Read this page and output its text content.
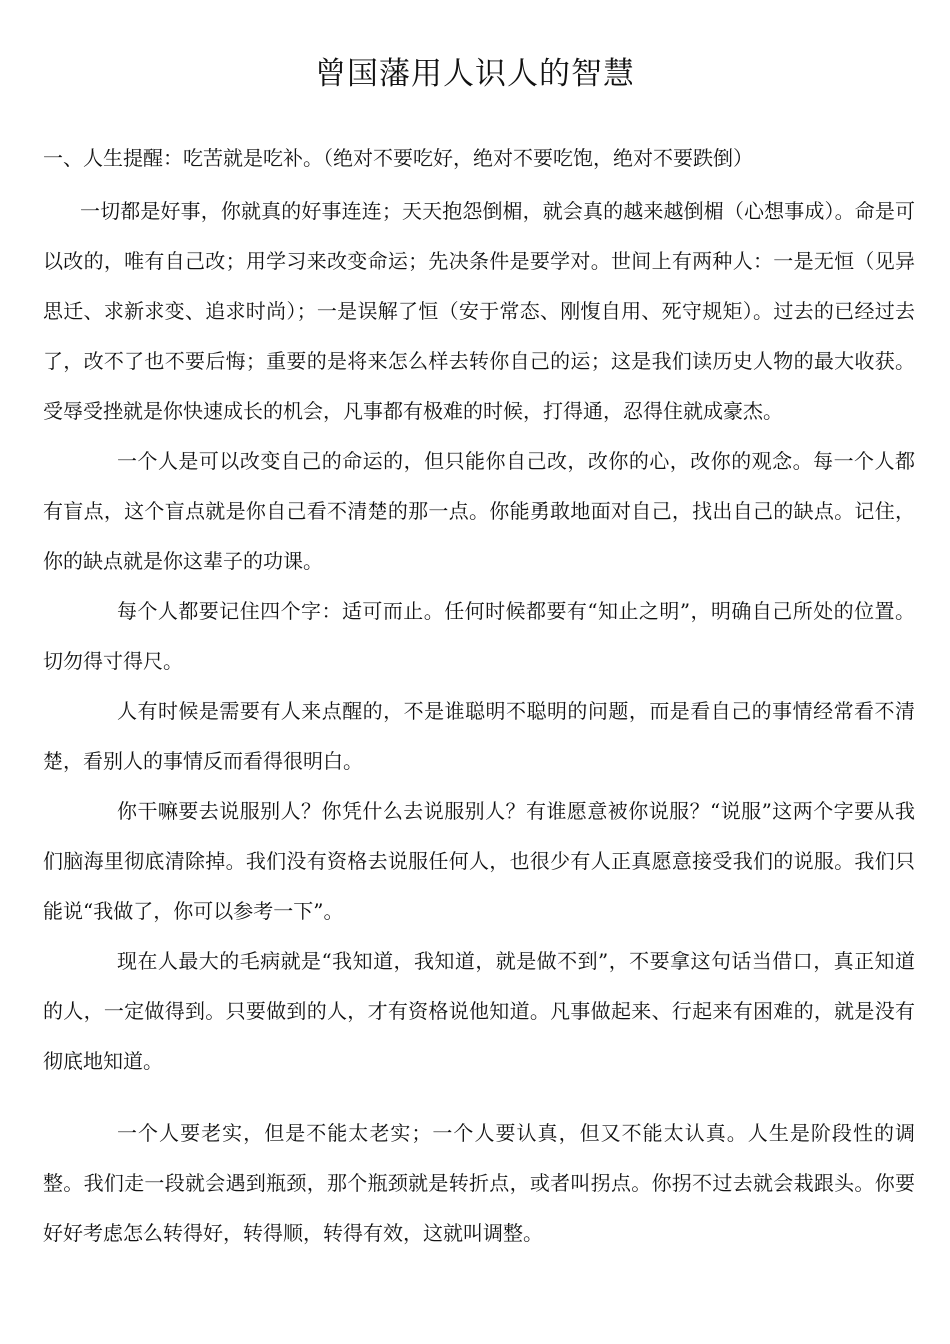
曾国藩用人识人的智慧

一、人生提醒：吃苦就是吃补。（绝对不要吃好，绝对不要吃饱，绝对不要跌倒）

一切都是好事，你就真的好事连连；天天抱怨倒楣，就会真的越来越倒楣（心想事成）。命是可以改的，唯有自己改；用学习来改变命运；先决条件是要学对。世间上有两种人：一是无恒（见异思迁、求新求变、追求时尚）；一是误解了恒（安于常态、刚愎自用、死守规矩）。过去的已经过去了，改不了也不要后悔；重要的是将来怎么样去转你自己的运；这是我们读历史人物的最大收获。受辱受挫就是你快速成长的机会，凡事都有极难的时候，打得通，忍得住就成豪杰。

一个人是可以改变自己的命运的，但只能你自己改，改你的心，改你的观念。每一个人都有盲点，这个盲点就是你自己看不清楚的那一点。你能勇敢地面对自己，找出自己的缺点。记住，你的缺点就是你这辈子的功课。

每个人都要记住四个字：适可而止。任何时候都要有“知止之明”，明确自己所处的位置。切勿得寸得尺。

人有时候是需要有人来点醒的，不是谁聪明不聪明的问题，而是看自己的事情经常看不清楚，看别人的事情反而看得很明白。

你干嘛要去说服别人？你凭什么去说服别人？有谁愿意被你说服？“说服”这两个字要从我们脑海里彻底清除掉。我们没有资格去说服任何人，也很少有人正真愿意接受我们的说服。我们只能说“我做了，你可以参考一下”。

现在人最大的毛病就是“我知道，我知道，就是做不到”，不要拿这句话当借口，真正知道的人，一定做得到。只要做到的人，才有资格说他知道。凡事做起来、行起来有困难的，就是没有彻底地知道。

一个人要老实，但是不能太老实；一个人要认真，但又不能太认真。人生是阶段性的调整。我们走一段就会遇到瓶颈，那个瓶颈就是转折点，或者叫拐点。你拐不过去就会栽跟头。你要好好考虑怎么转得好，转得顺，转得有效，这就叫调整。
